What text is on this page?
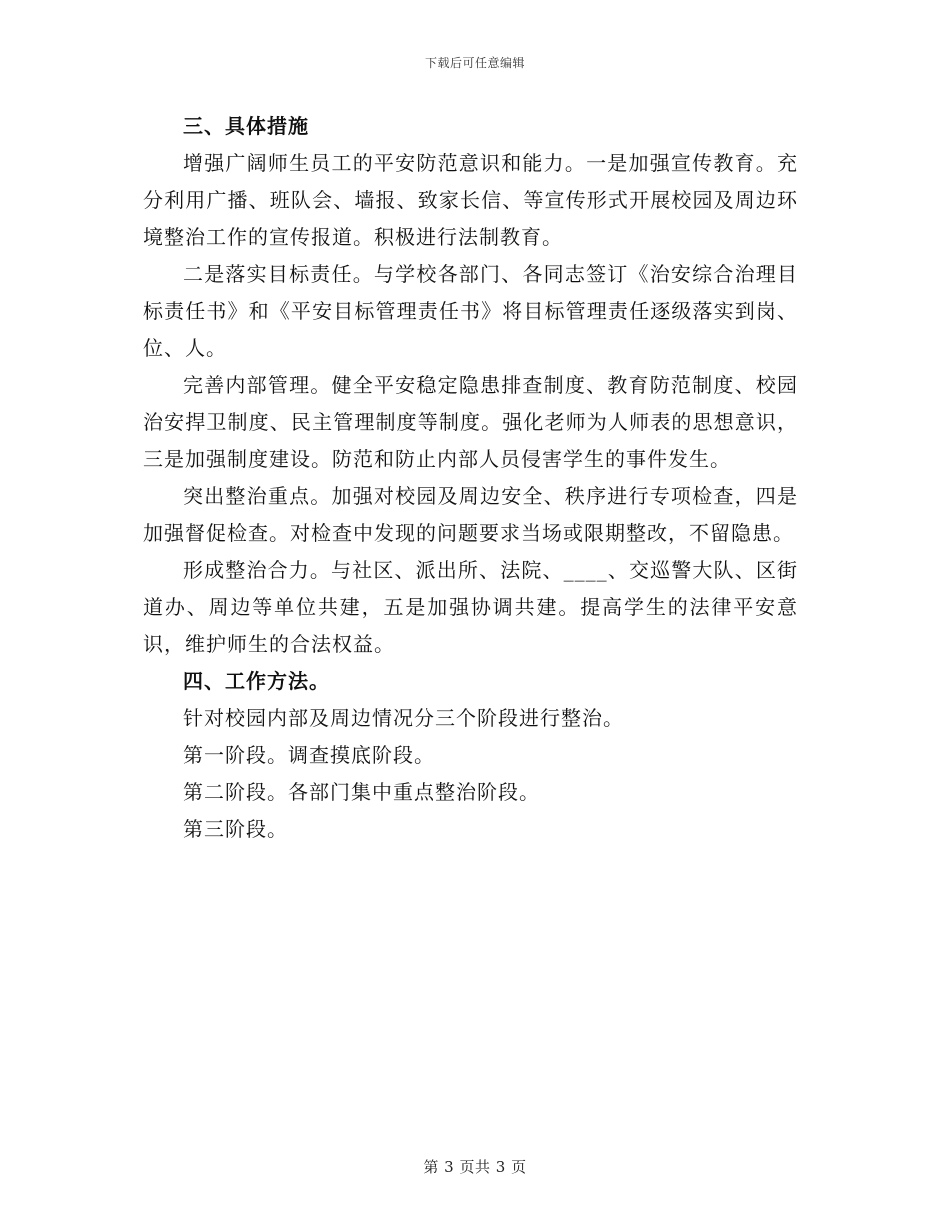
下载后可任意编辑

三、具体措施

增强广阔师生员工的平安防范意识和能力。一是加强宣传教育。充分利用广播、班队会、墙报、致家长信、等宣传形式开展校园及周边环境整治工作的宣传报道。积极进行法制教育。

二是落实目标责任。与学校各部门、各同志签订《治安综合治理目标责任书》和《平安目标管理责任书》将目标管理责任逐级落实到岗、位、人。

完善内部管理。健全平安稳定隐患排查制度、教育防范制度、校园治安捍卫制度、民主管理制度等制度。强化老师为人师表的思想意识，三是加强制度建设。防范和防止内部人员侵害学生的事件发生。

突出整治重点。加强对校园及周边安全、秩序进行专项检查，四是加强督促检查。对检查中发现的问题要求当场或限期整改，不留隐患。

形成整治合力。与社区、派出所、法院、____、交巡警大队、区街道办、周边等单位共建，五是加强协调共建。提高学生的法律平安意识，维护师生的合法权益。

四、工作方法。

针对校园内部及周边情况分三个阶段进行整治。

第一阶段。调查摸底阶段。

第二阶段。各部门集中重点整治阶段。

第三阶段。

第 3 页共 3 页
